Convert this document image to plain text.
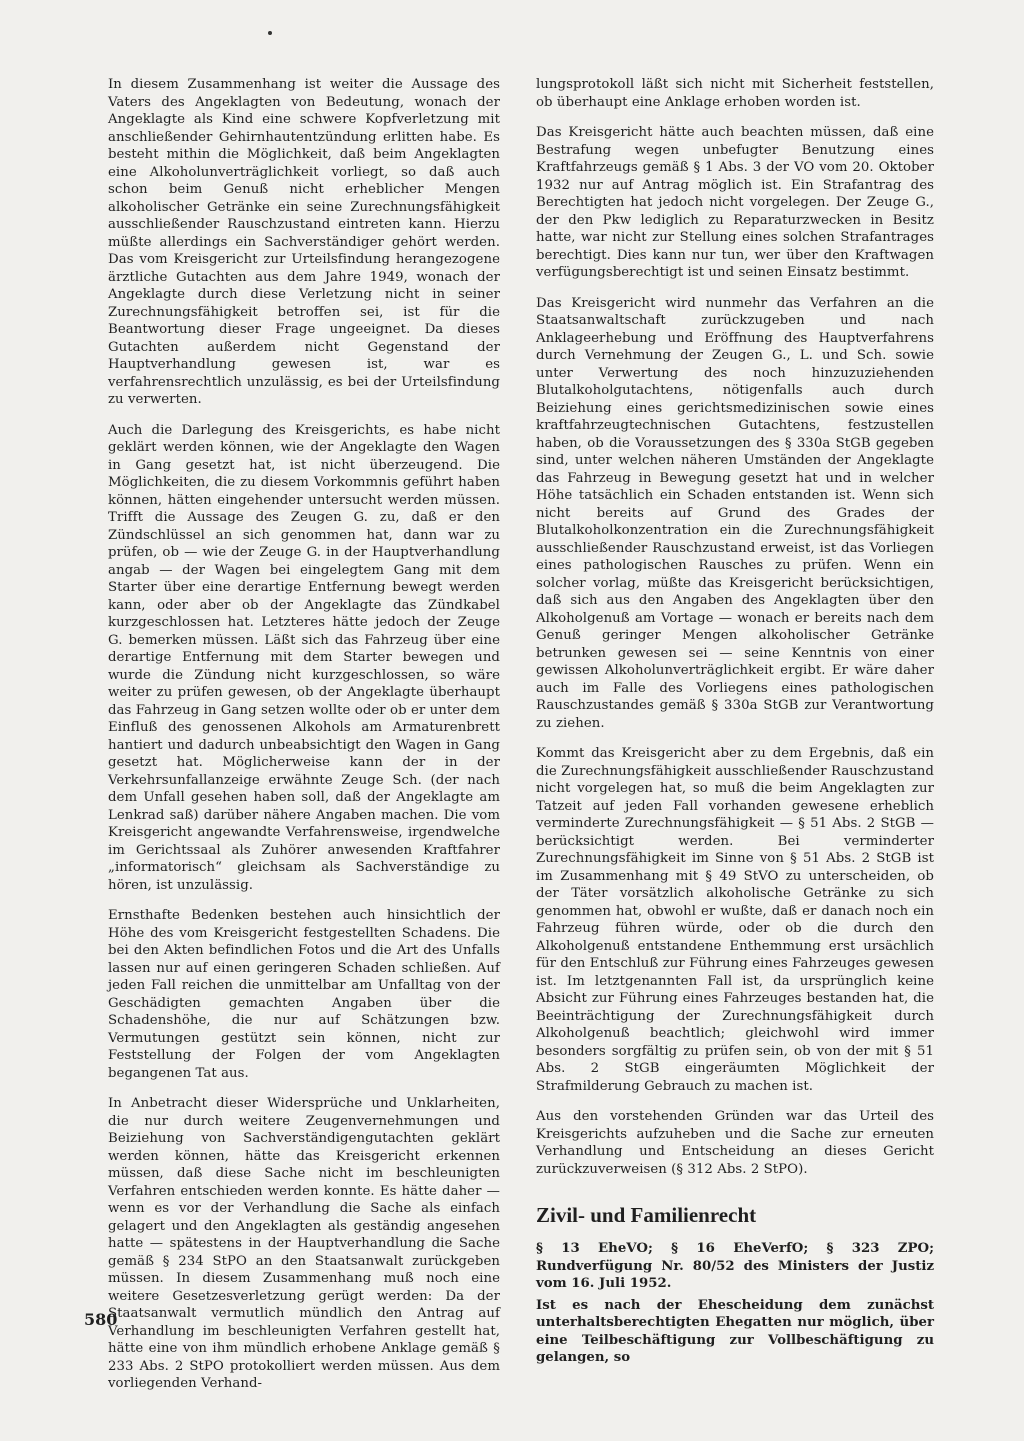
In diesem Zusammenhang ist weiter die Aussage des Vaters des Angeklagten von Bedeutung, wonach der Angeklagte als Kind eine schwere Kopfverletzung mit anschließender Gehirnhautentzündung erlitten habe. Es besteht mithin die Möglichkeit, daß beim Angeklagten eine Alkoholunverträglichkeit vorliegt, so daß auch schon beim Genuß nicht erheblicher Mengen alkoholischer Getränke ein seine Zurechnungsfähigkeit ausschließender Rauschzustand eintreten kann. Hierzu müßte allerdings ein Sachverständiger gehört werden. Das vom Kreisgericht zur Urteilsfindung herangezogene ärztliche Gutachten aus dem Jahre 1949, wonach der Angeklagte durch diese Verletzung nicht in seiner Zurechnungsfähigkeit betroffen sei, ist für die Beantwortung dieser Frage ungeeignet. Da dieses Gutachten außerdem nicht Gegenstand der Hauptverhandlung gewesen ist, war es verfahrensrechtlich unzulässig, es bei der Urteilsfindung zu verwerten.

Auch die Darlegung des Kreisgerichts, es habe nicht geklärt werden können, wie der Angeklagte den Wagen in Gang gesetzt hat, ist nicht überzeugend. Die Möglichkeiten, die zu diesem Vorkommnis geführt haben können, hätten eingehender untersucht werden müssen. Trifft die Aussage des Zeugen G. zu, daß er den Zündschlüssel an sich genommen hat, dann war zu prüfen, ob — wie der Zeuge G. in der Hauptverhandlung angab — der Wagen bei eingelegtem Gang mit dem Starter über eine derartige Entfernung bewegt werden kann, oder aber ob der Angeklagte das Zündkabel kurzgeschlossen hat. Letzteres hätte jedoch der Zeuge G. bemerken müssen. Läßt sich das Fahrzeug über eine derartige Entfernung mit dem Starter bewegen und wurde die Zündung nicht kurzgeschlossen, so wäre weiter zu prüfen gewesen, ob der Angeklagte überhaupt das Fahrzeug in Gang setzen wollte oder ob er unter dem Einfluß des genossenen Alkohols am Armaturenbrett hantiert und dadurch unbeabsichtigt den Wagen in Gang gesetzt hat. Möglicherweise kann der in der Verkehrsunfallanzeige erwähnte Zeuge Sch. (der nach dem Unfall gesehen haben soll, daß der Angeklagte am Lenkrad saß) darüber nähere Angaben machen. Die vom Kreisgericht angewandte Verfahrensweise, irgendwelche im Gerichtssaal als Zuhörer anwesenden Kraftfahrer „informatorisch“ gleichsam als Sachverständige zu hören, ist unzulässig.

Ernsthafte Bedenken bestehen auch hinsichtlich der Höhe des vom Kreisgericht festgestellten Schadens. Die bei den Akten befindlichen Fotos und die Art des Unfalls lassen nur auf einen geringeren Schaden schließen. Auf jeden Fall reichen die unmittelbar am Unfalltag von der Geschädigten gemachten Angaben über die Schadenshöhe, die nur auf Schätzungen bzw. Vermutungen gestützt sein können, nicht zur Feststellung der Folgen der vom Angeklagten begangenen Tat aus.

In Anbetracht dieser Widersprüche und Unklarheiten, die nur durch weitere Zeugenvernehmungen und Beiziehung von Sachverständigengutachten geklärt werden können, hätte das Kreisgericht erkennen müssen, daß diese Sache nicht im beschleunigten Verfahren entschieden werden konnte. Es hätte daher — wenn es vor der Verhandlung die Sache als einfach gelagert und den Angeklagten als geständig angesehen hatte — spätestens in der Hauptverhandlung die Sache gemäß § 234 StPO an den Staatsanwalt zurückgeben müssen. In diesem Zusammenhang muß noch eine weitere Gesetzesverletzung gerügt werden: Da der Staatsanwalt vermutlich mündlich den Antrag auf Verhandlung im beschleunigten Verfahren gestellt hat, hätte eine von ihm mündlich erhobene Anklage gemäß § 233 Abs. 2 StPO protokolliert werden müssen. Aus dem vorliegenden Verhand-

lungsprotokoll läßt sich nicht mit Sicherheit feststellen, ob überhaupt eine Anklage erhoben worden ist.

Das Kreisgericht hätte auch beachten müssen, daß eine Bestrafung wegen unbefugter Benutzung eines Kraftfahrzeugs gemäß § 1 Abs. 3 der VO vom 20. Oktober 1932 nur auf Antrag möglich ist. Ein Strafantrag des Berechtigten hat jedoch nicht vorgelegen. Der Zeuge G., der den Pkw lediglich zu Reparaturzwecken in Besitz hatte, war nicht zur Stellung eines solchen Strafantrages berechtigt. Dies kann nur tun, wer über den Kraftwagen verfügungsberechtigt ist und seinen Einsatz bestimmt.

Das Kreisgericht wird nunmehr das Verfahren an die Staatsanwaltschaft zurückzugeben und nach Anklageerhebung und Eröffnung des Hauptverfahrens durch Vernehmung der Zeugen G., L. und Sch. sowie unter Verwertung des noch hinzuzuziehenden Blutalkoholgutachtens, nötigenfalls auch durch Beiziehung eines gerichtsmedizinischen sowie eines kraftfahrzeugtechnischen Gutachtens, festzustellen haben, ob die Voraussetzungen des § 330a StGB gegeben sind, unter welchen näheren Umständen der Angeklagte das Fahrzeug in Bewegung gesetzt hat und in welcher Höhe tatsächlich ein Schaden entstanden ist. Wenn sich nicht bereits auf Grund des Grades der Blutalkoholkonzentration ein die Zurechnungsfähigkeit ausschließender Rauschzustand erweist, ist das Vorliegen eines pathologischen Rausches zu prüfen. Wenn ein solcher vorlag, müßte das Kreisgericht berücksichtigen, daß sich aus den Angaben des Angeklagten über den Alkoholgenuß am Vortage — wonach er bereits nach dem Genuß geringer Mengen alkoholischer Getränke betrunken gewesen sei — seine Kenntnis von einer gewissen Alkoholunverträglichkeit ergibt. Er wäre daher auch im Falle des Vorliegens eines pathologischen Rauschzustandes gemäß § 330a StGB zur Verantwortung zu ziehen.

Kommt das Kreisgericht aber zu dem Ergebnis, daß ein die Zurechnungsfähigkeit ausschließender Rauschzustand nicht vorgelegen hat, so muß die beim Angeklagten zur Tatzeit auf jeden Fall vorhanden gewesene erheblich verminderte Zurechnungsfähigkeit — § 51 Abs. 2 StGB — berücksichtigt werden. Bei verminderter Zurechnungsfähigkeit im Sinne von § 51 Abs. 2 StGB ist im Zusammenhang mit § 49 StVO zu unterscheiden, ob der Täter vorsätzlich alkoholische Getränke zu sich genommen hat, obwohl er wußte, daß er danach noch ein Fahrzeug führen würde, oder ob die durch den Alkoholgenuß entstandene Enthemmung erst ursächlich für den Entschluß zur Führung eines Fahrzeuges gewesen ist. Im letztgenannten Fall ist, da ursprünglich keine Absicht zur Führung eines Fahrzeuges bestanden hat, die Beeinträchtigung der Zurechnungsfähigkeit durch Alkoholgenuß beachtlich; gleichwohl wird immer besonders sorgfältig zu prüfen sein, ob von der mit § 51 Abs. 2 StGB eingeräumten Möglichkeit der Strafmilderung Gebrauch zu machen ist.

Aus den vorstehenden Gründen war das Urteil des Kreisgerichts aufzuheben und die Sache zur erneuten Verhandlung und Entscheidung an dieses Gericht zurückzuverweisen (§ 312 Abs. 2 StPO).

Zivil- und Familienrecht

§ 13 EheVO; § 16 EheVerfO; § 323 ZPO; Rundverfügung Nr. 80/52 des Ministers der Justiz vom 16. Juli 1952.

Ist es nach der Ehescheidung dem zunächst unterhaltsberechtigten Ehegatten nur möglich, über eine Teilbeschäftigung zur Vollbeschäftigung zu gelangen, so

580
